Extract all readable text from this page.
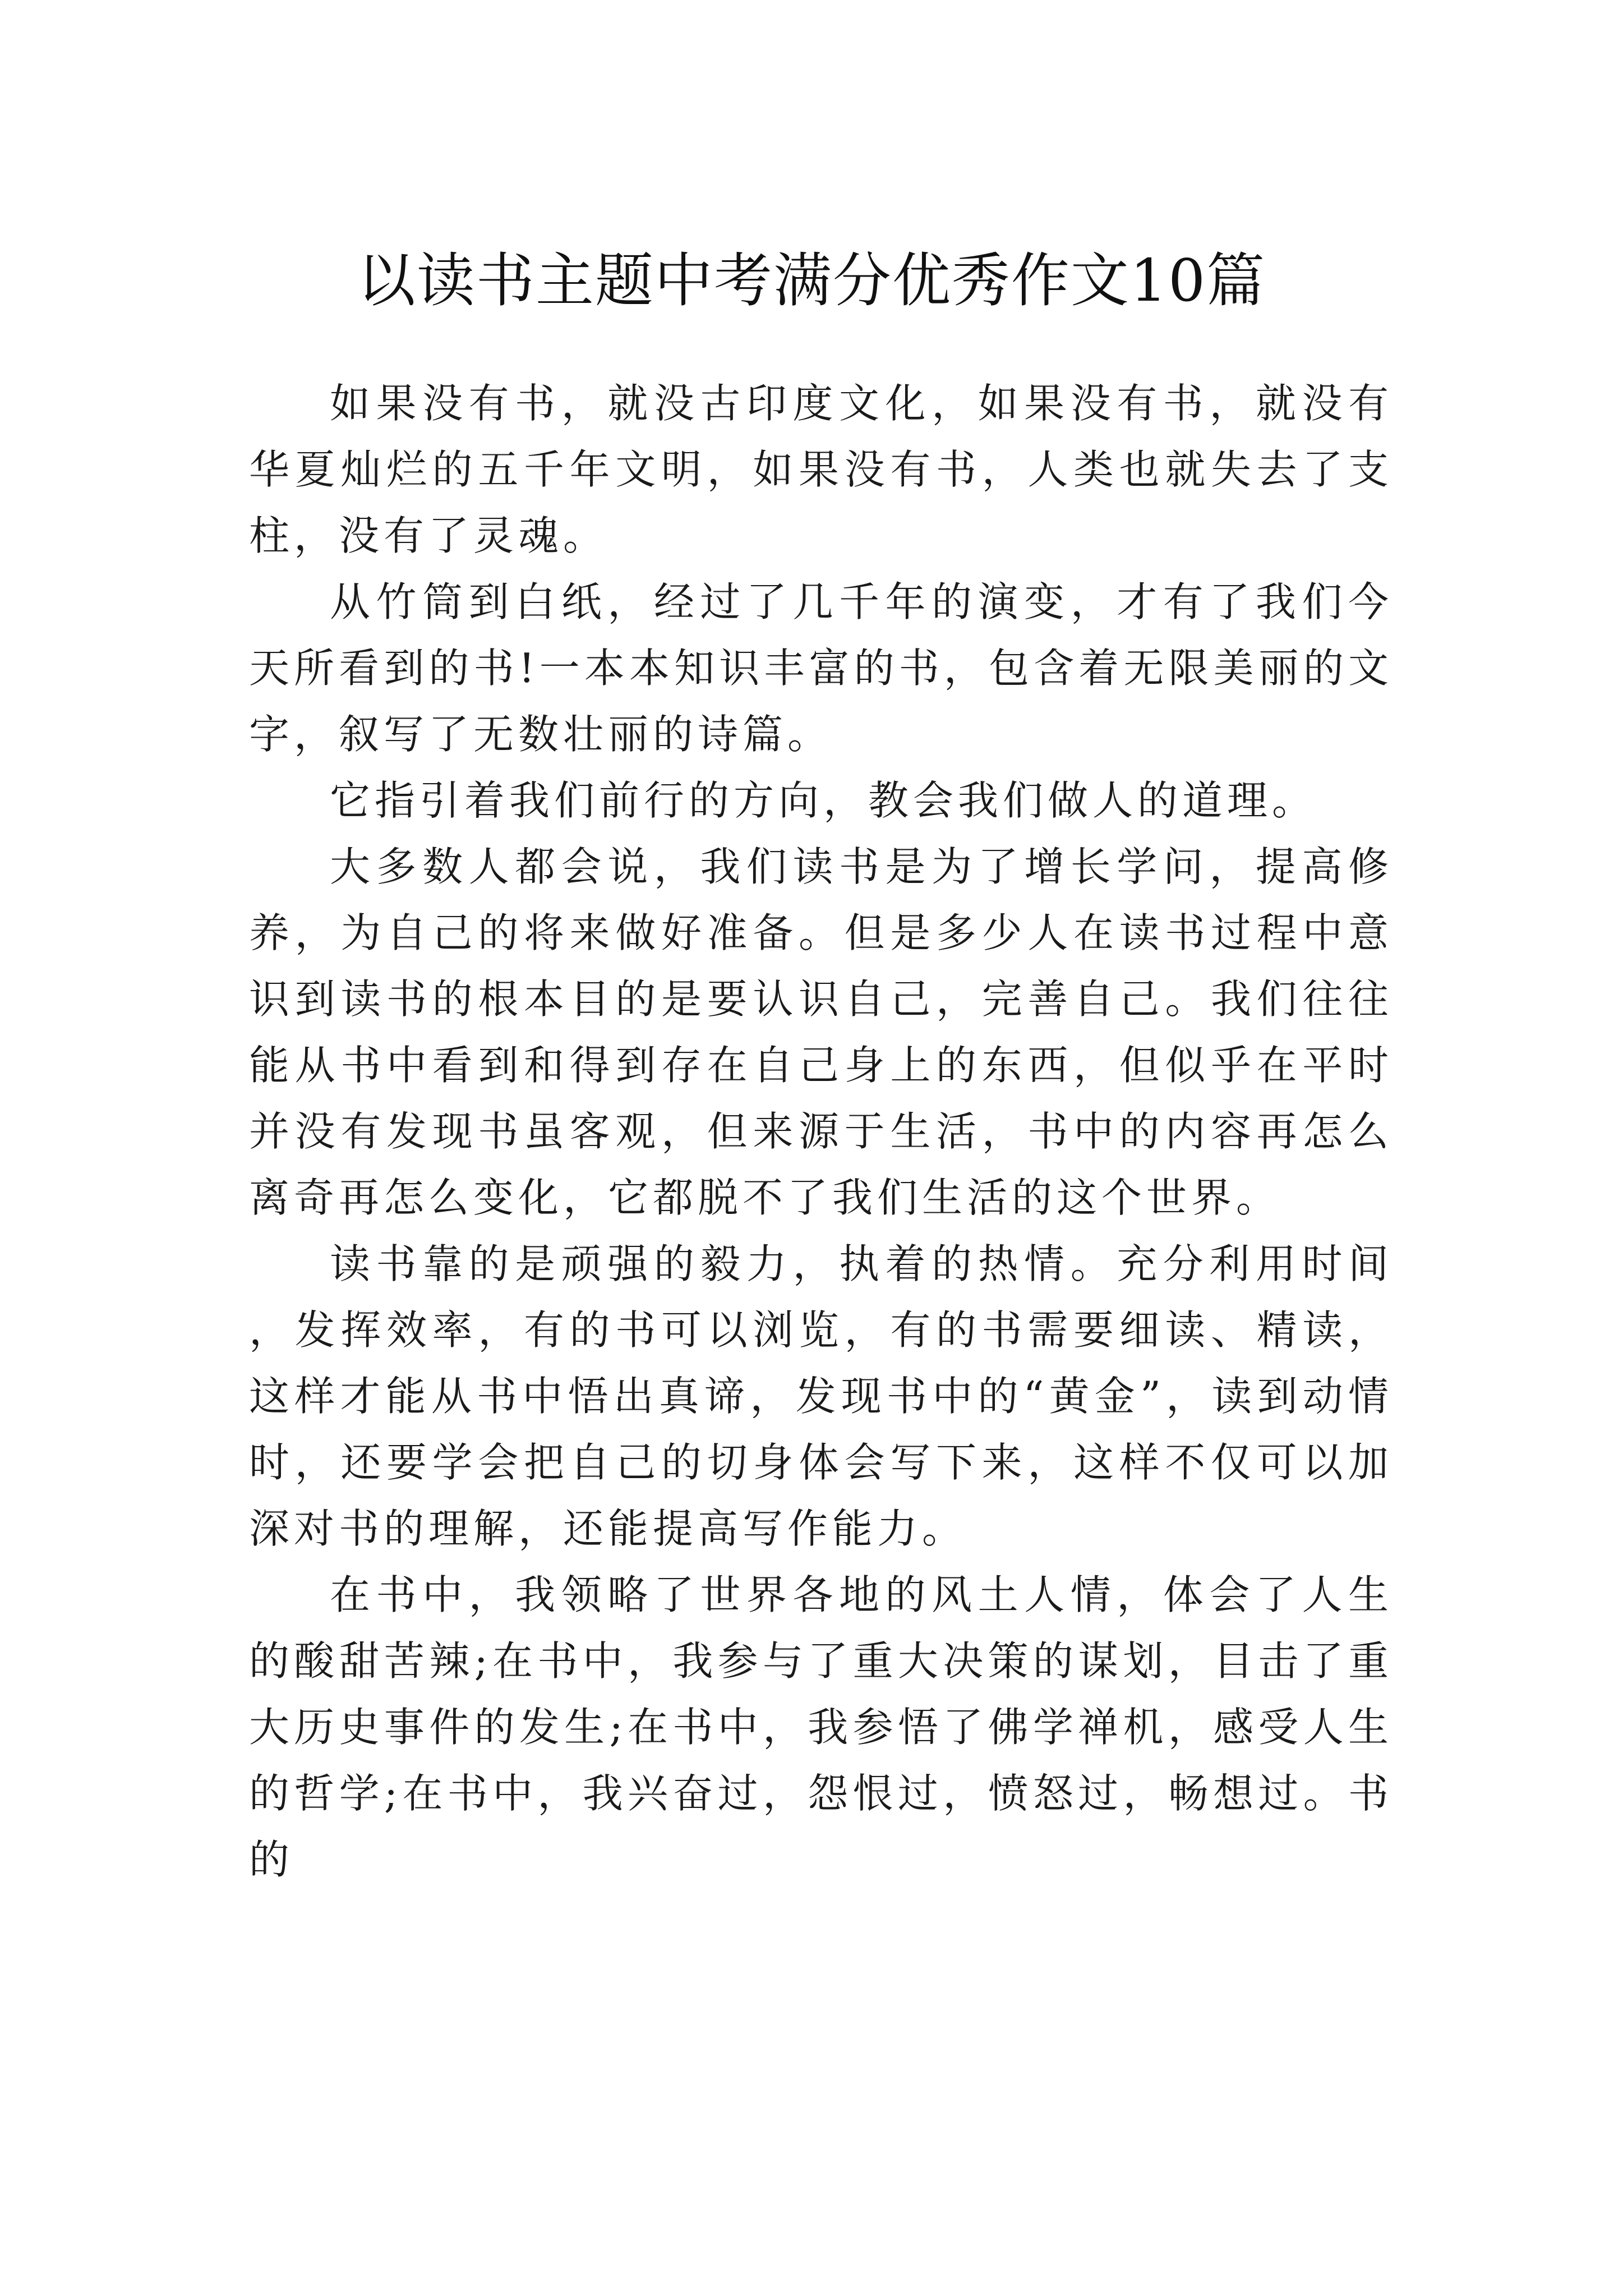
以读书主题中考满分优秀作文10篇

如果没有书，就没古印度文化，如果没有书，就没有华夏灿烂的五千年文明，如果没有书，人类也就失去了支柱，没有了灵魂。

从竹筒到白纸，经过了几千年的演变，才有了我们今天所看到的书!一本本知识丰富的书，包含着无限美丽的文字，叙写了无数壮丽的诗篇。

它指引着我们前行的方向，教会我们做人的道理。

大多数人都会说，我们读书是为了增长学问，提高修养，为自己的将来做好准备。但是多少人在读书过程中意识到读书的根本目的是要认识自己，完善自己。我们往往能从书中看到和得到存在自己身上的东西，但似乎在平时并没有发现书虽客观，但来源于生活，书中的内容再怎么离奇再怎么变化，它都脱不了我们生活的这个世界。

读书靠的是顽强的毅力，执着的热情。充分利用时间，发挥效率，有的书可以浏览，有的书需要细读、精读，这样才能从书中悟出真谛，发现书中的“黄金”，读到动情时，还要学会把自己的切身体会写下来，这样不仅可以加深对书的理解，还能提高写作能力。

在书中，我领略了世界各地的风土人情，体会了人生的酸甜苦辣;在书中，我参与了重大决策的谋划，目击了重大历史事件的发生;在书中，我参悟了佛学禅机，感受人生的哲学;在书中，我兴奋过，怨恨过，愤怒过，畅想过。书的
